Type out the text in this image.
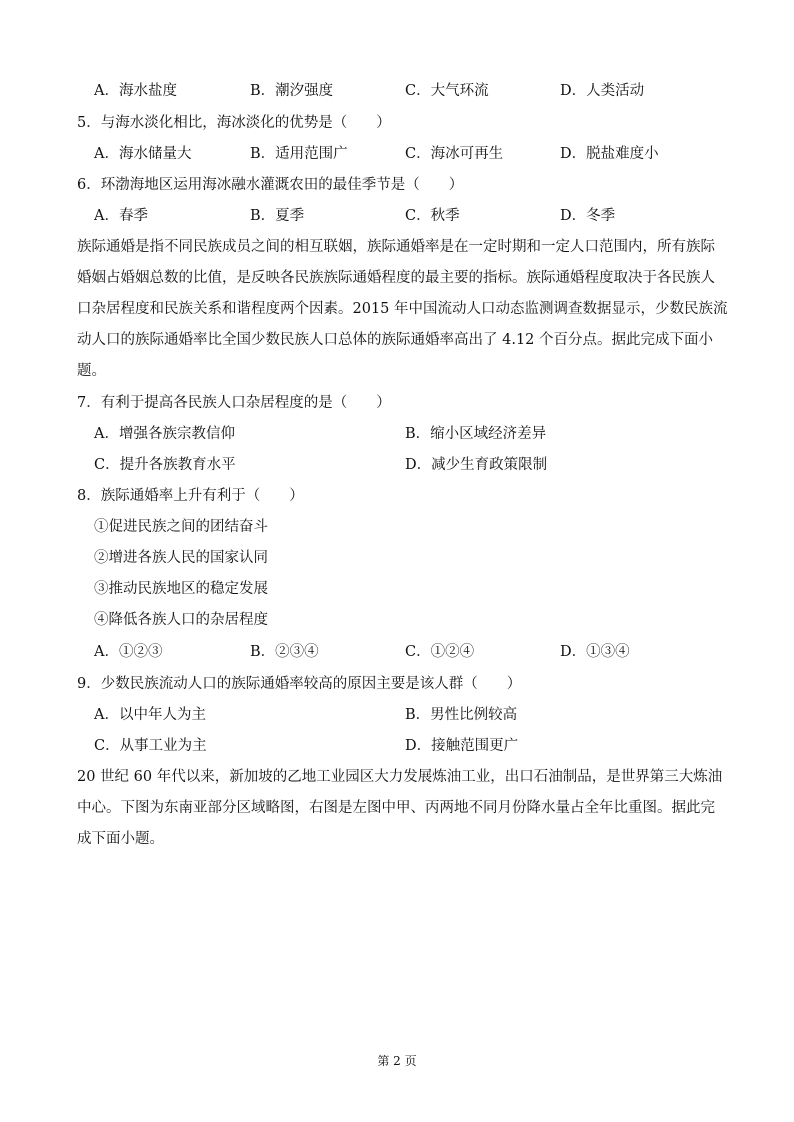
A．海水盐度	B．潮汐强度	C．大气环流	D．人类活动
5．与海水淡化相比，海冰淡化的优势是（　　）
A．海水储量大	B．适用范围广	C．海冰可再生	D．脱盐难度小
6．环渤海地区运用海冰融水灌溉农田的最佳季节是（　　）
A．春季	B．夏季	C．秋季	D．冬季
族际通婚是指不同民族成员之间的相互联姻，族际通婚率是在一定时期和一定人口范围内，所有族际
婚姻占婚姻总数的比值，是反映各民族族际通婚程度的最主要的指标。族际通婚程度取决于各民族人
口杂居程度和民族关系和谐程度两个因素。2015 年中国流动人口动态监测调查数据显示，少数民族流
动人口的族际通婚率比全国少数民族人口总体的族际通婚率高出了 4.12 个百分点。据此完成下面小
题。
7．有利于提高各民族人口杂居程度的是（　　）
A．增强各族宗教信仰	B．缩小区域经济差异
C．提升各族教育水平	D．减少生育政策限制
8．族际通婚率上升有利于（　　）
①促进民族之间的团结奋斗
②增进各族人民的国家认同
③推动民族地区的稳定发展
④降低各族人口的杂居程度
A．①②③	B．②③④	C．①②④	D．①③④
9．少数民族流动人口的族际通婚率较高的原因主要是该人群（　　）
A．以中年人为主	B．男性比例较高
C．从事工业为主	D．接触范围更广
20 世纪 60 年代以来，新加坡的乙地工业园区大力发展炼油工业，出口石油制品，是世界第三大炼油
中心。下图为东南亚部分区域略图，右图是左图中甲、丙两地不同月份降水量占全年比重图。据此完
成下面小题。
第 2 页
